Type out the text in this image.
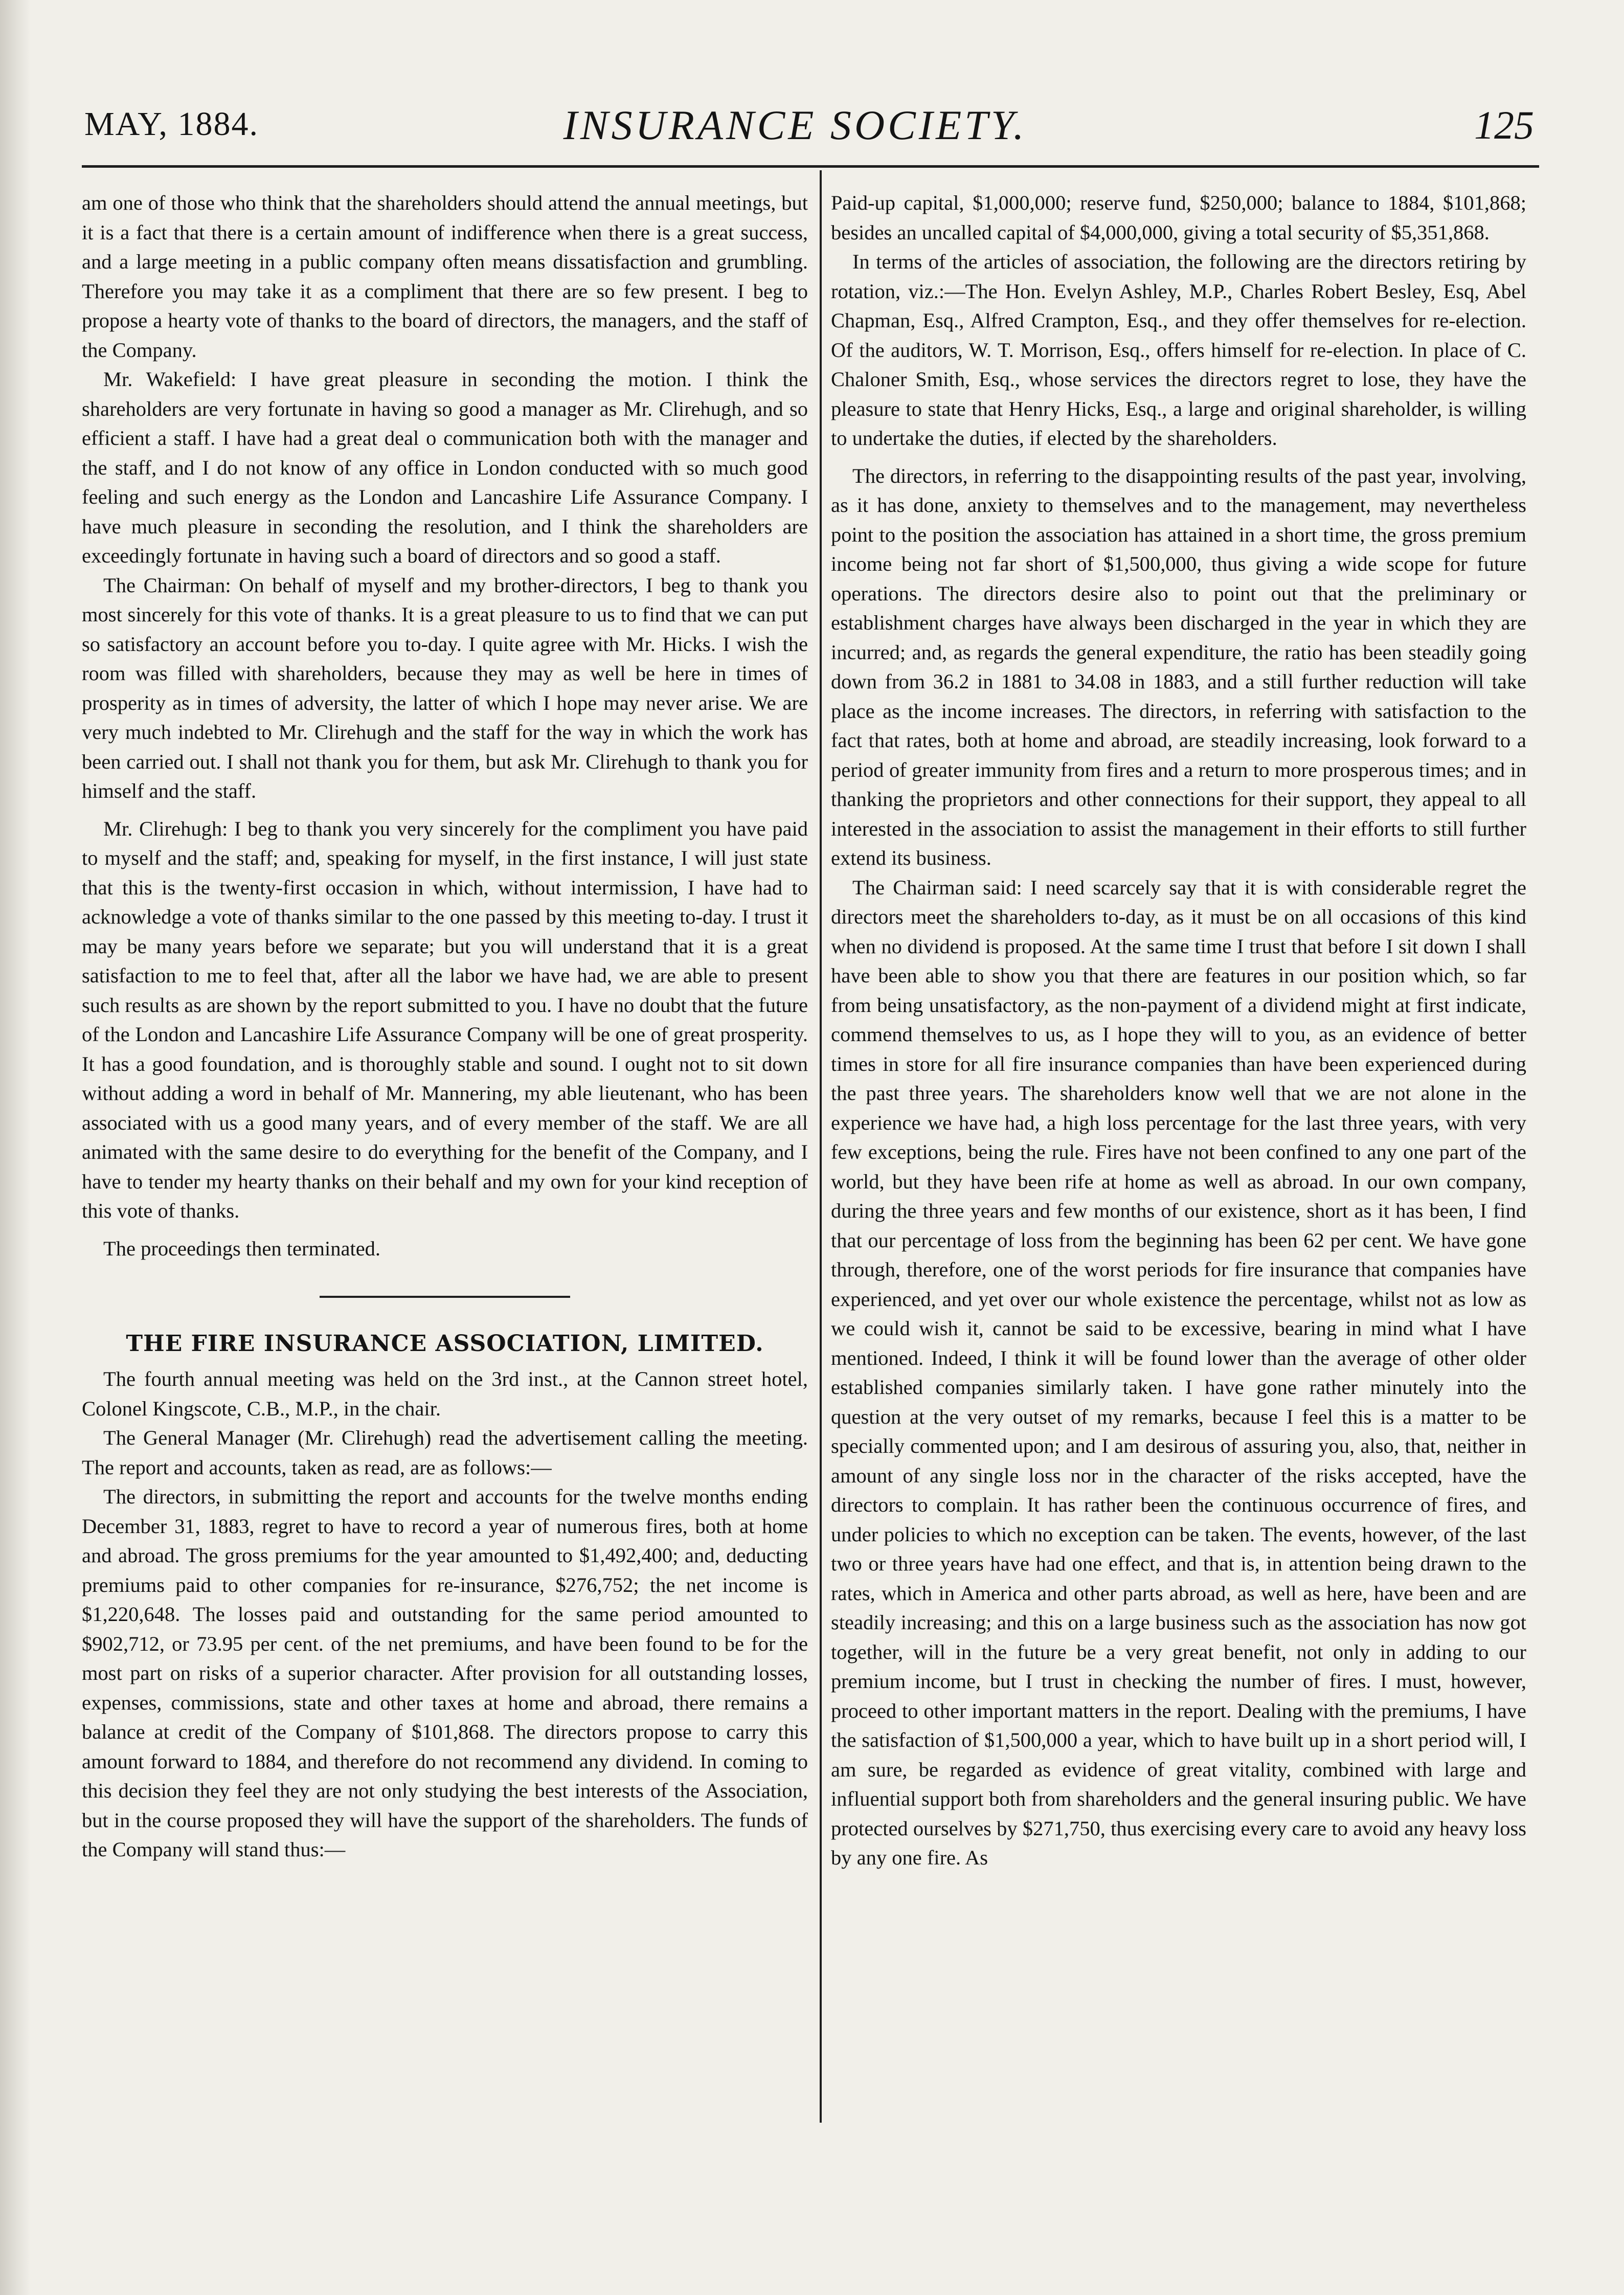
MAY, 1884.	INSURANCE SOCIETY.	125

am one of those who think that the shareholders should attend the annual meetings, but it is a fact that there is a certain amount of indifference when there is a great success, and a large meeting in a public company often means dissatisfaction and grumbling. Therefore you may take it as a compliment that there are so few present. I beg to propose a hearty vote of thanks to the board of directors, the managers, and the staff of the Company.

Mr. Wakefield: I have great pleasure in seconding the motion. I think the shareholders are very fortunate in having so good a manager as Mr. Clirehugh, and so efficient a staff. I have had a great deal o communication both with the manager and the staff, and I do not know of any office in London conducted with so much good feeling and such energy as the London and Lancashire Life Assurance Company. I have much pleasure in seconding the resolution, and I think the shareholders are exceedingly fortunate in having such a board of directors and so good a staff.

The Chairman: On behalf of myself and my brother-directors, I beg to thank you most sincerely for this vote of thanks. It is a great pleasure to us to find that we can put so satisfactory an account before you to-day. I quite agree with Mr. Hicks. I wish the room was filled with shareholders, because they may as well be here in times of prosperity as in times of adversity, the latter of which I hope may never arise. We are very much indebted to Mr. Clirehugh and the staff for the way in which the work has been carried out. I shall not thank you for them, but ask Mr. Clirehugh to thank you for himself and the staff.

Mr. Clirehugh: I beg to thank you very sincerely for the compliment you have paid to myself and the staff; and, speaking for myself, in the first instance, I will just state that this is the twenty-first occasion in which, without intermission, I have had to acknowledge a vote of thanks similar to the one passed by this meeting to-day. I trust it may be many years before we separate; but you will understand that it is a great satisfaction to me to feel that, after all the labor we have had, we are able to present such results as are shown by the report submitted to you. I have no doubt that the future of the London and Lancashire Life Assurance Company will be one of great prosperity. It has a good foundation, and is thoroughly stable and sound. I ought not to sit down without adding a word in behalf of Mr. Mannering, my able lieutenant, who has been associated with us a good many years, and of every member of the staff. We are all animated with the same desire to do everything for the benefit of the Company, and I have to tender my hearty thanks on their behalf and my own for your kind reception of this vote of thanks.

The proceedings then terminated.

THE FIRE INSURANCE ASSOCIATION, LIMITED.

The fourth annual meeting was held on the 3rd inst., at the Cannon street hotel, Colonel Kingscote, C.B., M.P., in the chair.

The General Manager (Mr. Clirehugh) read the advertisement calling the meeting. The report and accounts, taken as read, are as follows:—

The directors, in submitting the report and accounts for the twelve months ending December 31, 1883, regret to have to record a year of numerous fires, both at home and abroad. The gross premiums for the year amounted to $1,492,400; and, deducting premiums paid to other companies for re-insurance, $276,752; the net income is $1,220,648. The losses paid and outstanding for the same period amounted to $902,712, or 73.95 per cent. of the net premiums, and have been found to be for the most part on risks of a superior character. After provision for all outstanding losses, expenses, commissions, state and other taxes at home and abroad, there remains a balance at credit of the Company of $101,868. The directors propose to carry this amount forward to 1884, and therefore do not recommend any dividend. In coming to this decision they feel they are not only studying the best interests of the Association, but in the course proposed they will have the support of the shareholders. The funds of the Company will stand thus:—

Paid-up capital, $1,000,000; reserve fund, $250,000; balance to 1884, $101,868; besides an uncalled capital of $4,000,000, giving a total security of $5,351,868.

In terms of the articles of association, the following are the directors retiring by rotation, viz.:—The Hon. Evelyn Ashley, M.P., Charles Robert Besley, Esq, Abel Chapman, Esq., Alfred Crampton, Esq., and they offer themselves for re-election. Of the auditors, W. T. Morrison, Esq., offers himself for re-election. In place of C. Chaloner Smith, Esq., whose services the directors regret to lose, they have the pleasure to state that Henry Hicks, Esq., a large and original shareholder, is willing to undertake the duties, if elected by the shareholders.

The directors, in referring to the disappointing results of the past year, involving, as it has done, anxiety to themselves and to the management, may nevertheless point to the position the association has attained in a short time, the gross premium income being not far short of $1,500,000, thus giving a wide scope for future operations. The directors desire also to point out that the preliminary or establishment charges have always been discharged in the year in which they are incurred; and, as regards the general expenditure, the ratio has been steadily going down from 36.2 in 1881 to 34.08 in 1883, and a still further reduction will take place as the income increases. The directors, in referring with satisfaction to the fact that rates, both at home and abroad, are steadily increasing, look forward to a period of greater immunity from fires and a return to more prosperous times; and in thanking the proprietors and other connections for their support, they appeal to all interested in the association to assist the management in their efforts to still further extend its business.

The Chairman said: I need scarcely say that it is with considerable regret the directors meet the shareholders to-day, as it must be on all occasions of this kind when no dividend is proposed. At the same time I trust that before I sit down I shall have been able to show you that there are features in our position which, so far from being unsatisfactory, as the non-payment of a dividend might at first indicate, commend themselves to us, as I hope they will to you, as an evidence of better times in store for all fire insurance companies than have been experienced during the past three years. The shareholders know well that we are not alone in the experience we have had, a high loss percentage for the last three years, with very few exceptions, being the rule. Fires have not been confined to any one part of the world, but they have been rife at home as well as abroad. In our own company, during the three years and few months of our existence, short as it has been, I find that our percentage of loss from the beginning has been 62 per cent. We have gone through, therefore, one of the worst periods for fire insurance that companies have experienced, and yet over our whole existence the percentage, whilst not as low as we could wish it, cannot be said to be excessive, bearing in mind what I have mentioned. Indeed, I think it will be found lower than the average of other older established companies similarly taken. I have gone rather minutely into the question at the very outset of my remarks, because I feel this is a matter to be specially commented upon; and I am desirous of assuring you, also, that, neither in amount of any single loss nor in the character of the risks accepted, have the directors to complain. It has rather been the continuous occurrence of fires, and under policies to which no exception can be taken. The events, however, of the last two or three years have had one effect, and that is, in attention being drawn to the rates, which in America and other parts abroad, as well as here, have been and are steadily increasing; and this on a large business such as the association has now got together, will in the future be a very great benefit, not only in adding to our premium income, but I trust in checking the number of fires. I must, however, proceed to other important matters in the report. Dealing with the premiums, I have the satisfaction of $1,500,000 a year, which to have built up in a short period will, I am sure, be regarded as evidence of great vitality, combined with large and influential support both from shareholders and the general insuring public. We have protected ourselves by $271,750, thus exercising every care to avoid any heavy loss by any one fire. As
